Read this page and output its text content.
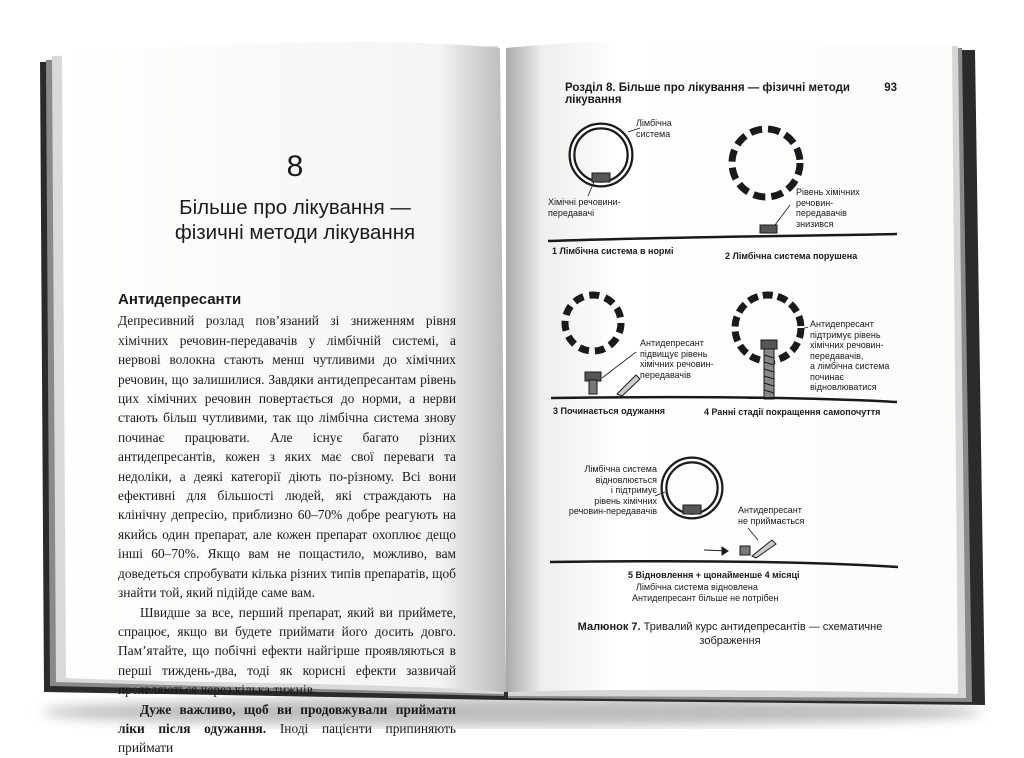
8
Більше про лікування —
фізичні методи лікування
Антидепресанти

Депресивний розлад пов’язаний зі зниженням рівня хімічних речовин-передавачів у лімбічній системі, а нервові волокна стають менш чутливими до хімічних речовин, що залишилися. Завдяки антидепресантам рівень цих хімічних речовин повертається до норми, а нерви стають більш чутливими, так що лімбічна система знову починає працювати. Але існує багато різних антидепресантів, кожен з яких має свої переваги та недоліки, а деякі категорії діють по-різному. Всі вони ефективні для більшості людей, які страждають на клінічну депресію, приблизно 60–70% добре реагують на якийсь один препарат, але кожен препарат охоплює дещо інші 60–70%. Якщо вам не пощастило, можливо, вам доведеться спробувати кілька різних типів препаратів, щоб знайти той, який підійде саме вам.

Швидше за все, перший препарат, який ви приймете, спрацює, якщо ви будете приймати його досить довго. Пам’ятайте, що побічні ефекти найгірше проявляються в перші тиждень-два, тоді як корисні ефекти зазвичай проявляються через кілька тижнів.

Дуже важливо, щоб ви продовжували приймати ліки після одужання. Іноді пацієнти припиняють приймати

Розділ 8. Більше про лікування — фізичні методи лікування
93
Лімбічна
система
Хімічні речовини-
передавачі
1 Лімбічна система в нормі
Рівень хімічних
речовин-
передавачів
знизився
2 Лімбічна система порушена
Антидепресант
підвищує рівень
хімічних речовин-
передавачів
3 Починається одужання
Антидепресант
підтримує рівень
хімічних речовин-
передавачів,
а лімбічна система
починає
відновлюватися
4 Ранні стадії покращення самопочуття
Лімбічна система
відновлюється
і підтримує
рівень хімічних
речовин-передавачів	Антидепресант
не приймається
5 Відновлення + щонайменше 4 місяці
Лімбічна система відновлена
Антидепресант більше не потрібен
Малюнок 7. Тривалий курс антидепресантів — схематичне зображення
